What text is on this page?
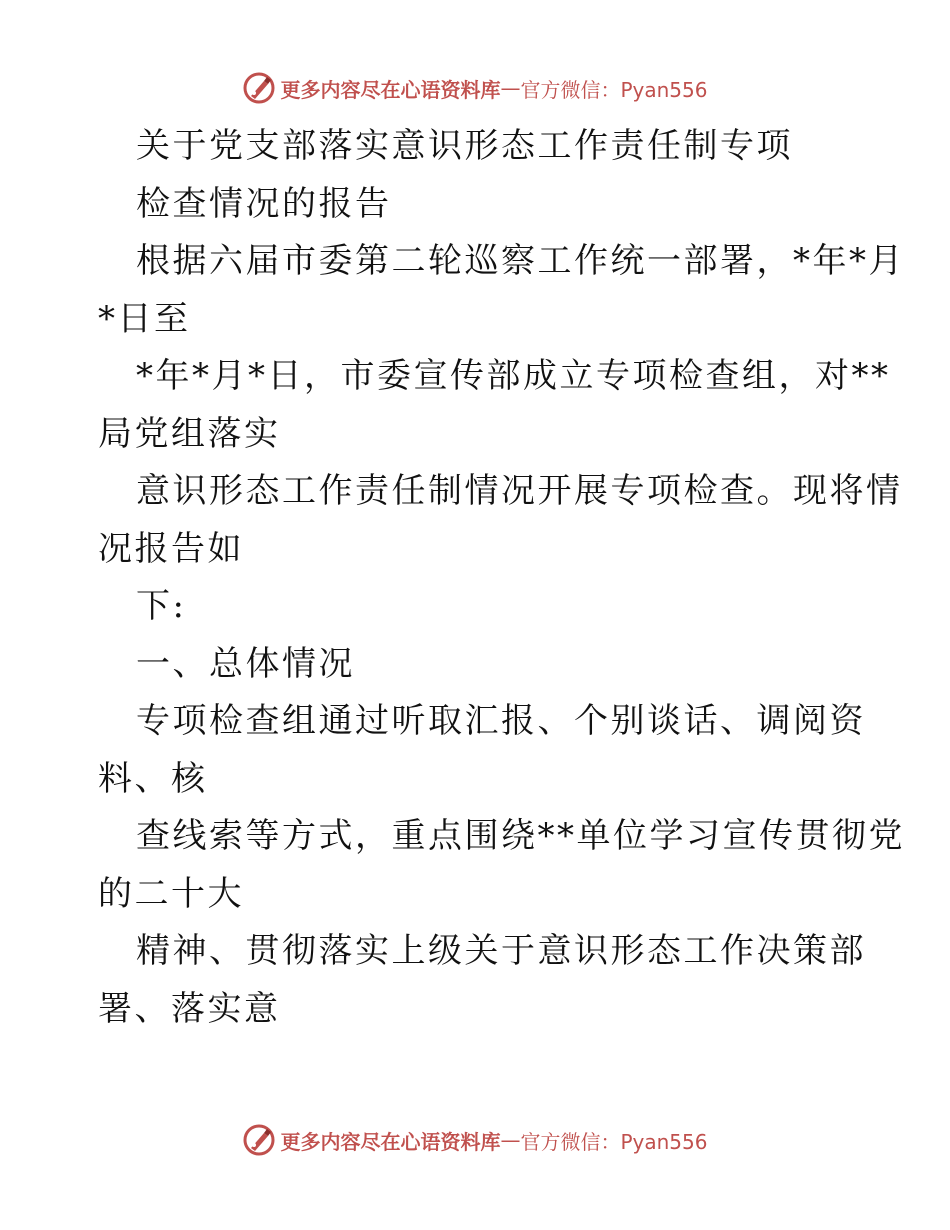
更多内容尽在心语资料库 — 官方微信：Pyan556
关于党支部落实意识形态工作责任制专项
检查情况的报告
根据六届市委第二轮巡察工作统一部署，*年*月
*日至
*年*月*日，市委宣传部成立专项检查组，对**
局党组落实
意识形态工作责任制情况开展专项检查。现将情
况报告如
下:
一、总体情况
专项检查组通过听取汇报、个别谈话、调阅资
料、核
查线索等方式，重点围绕**单位学习宣传贯彻党
的二十大
精神、贯彻落实上级关于意识形态工作决策部
署、落实意
更多内容尽在心语资料库 — 官方微信：Pyan556
